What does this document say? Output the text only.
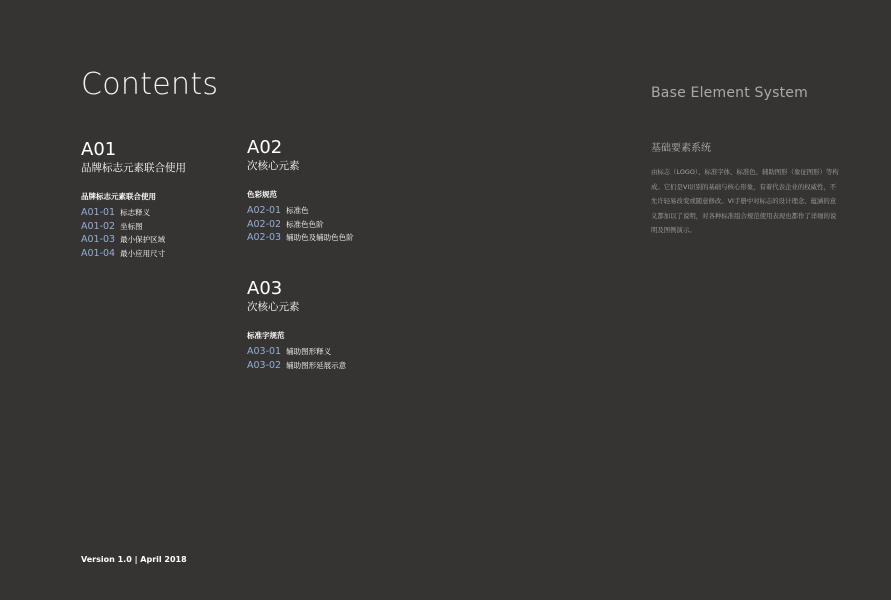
Contents	Base Element System
A01
品牌标志元素联合使用
品牌标志元素联合使用
A01-01 标志释义
A01-02 坐标图
A01-03 最小保护区域
A01-04 最小应用尺寸
A02
次核心元素
色彩规范
A02-01 标准色
A02-02 标准色色阶
A02-03 辅助色及辅助色色阶
A03
次核心元素
标准字规范
A03-01 辅助图形释义
A03-02 辅助图形延展示意
基础要素系统
由标志（LOGO）、标准字体、标准色、辅助图形（象征图形）等构成。它们是VI识别的基础与核心形象，有着代表企业的权威性，不允许轻易改变或随意修改。VI手册中对标志的设计理念、蕴涵的意义都加以了说明，对各种标准组合规范使用表现也都作了详细的说明及图例演示。
Version 1.0 | April 2018
